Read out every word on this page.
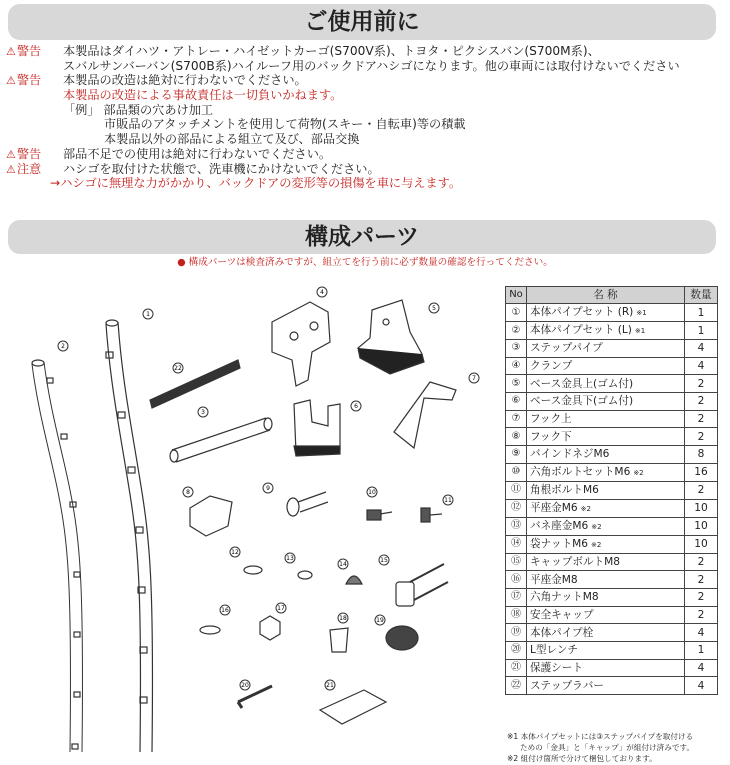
ご使用前に
⚠警告 本製品はダイハツ・アトレー・ハイゼットカーゴ(S700V系)、トヨタ・ピクシスバン(S700M系)、
スバルサンバーバン(S700B系)ハイルーフ用のバックドアハシゴになります。他の車両には取付けないでください
⚠警告 本製品の改造は絶対に行わないでください。
本製品の改造による事故責任は一切負いかねます。
「例」 部品類の穴あけ加工
市販品のアタッチメントを使用して荷物(スキー・自転車)等の積載
本製品以外の部品による組立て及び、部品交換
⚠警告 部品不足での使用は絶対に行わないでください。
⚠注意 ハシゴを取付けた状態で、洗車機にかけないでください。
→ハシゴに無理な力がかかり、バックドアの変形等の損傷を車に与えます。
構成パーツ
● 構成パーツは検査済みですが、組立てを行う前に必ず数量の確認を行ってください。
2
1
22
3
4
5
6
7
8
9
10
11
12
13
14
15
16	17
18	19
20	21
No	名 称	数量
①	本体パイプセット (R) ※1	1
②	本体パイプセット (L) ※1	1
③	ステップパイプ	4
④	クランプ	4
⑤	ベース金具上(ゴム付)	2
⑥	ベース金具下(ゴム付)	2
⑦	フック上	2
⑧	フック下	2
⑨	バインドネジM6	8
⑩	六角ボルトセットM6 ※2	16
⑪	角根ボルトM6	2
⑫	平座金M6 ※2	10
⑬	バネ座金M6 ※2	10
⑭	袋ナットM6 ※2	10
⑮	キャップボルトM8	2
⑯	平座金M8	2
⑰	六角ナットM8	2
⑱	安全キャップ	2
⑲	本体パイプ栓	4
⑳	L型レンチ	1
㉑	保護シート	4
㉒	ステップラバー	4
※1 本体パイプセットには③ステップパイプを取付ける
ための「金具」と「キャップ」が組付け済みです。
※2 組付け箇所で分けて梱包しております。
